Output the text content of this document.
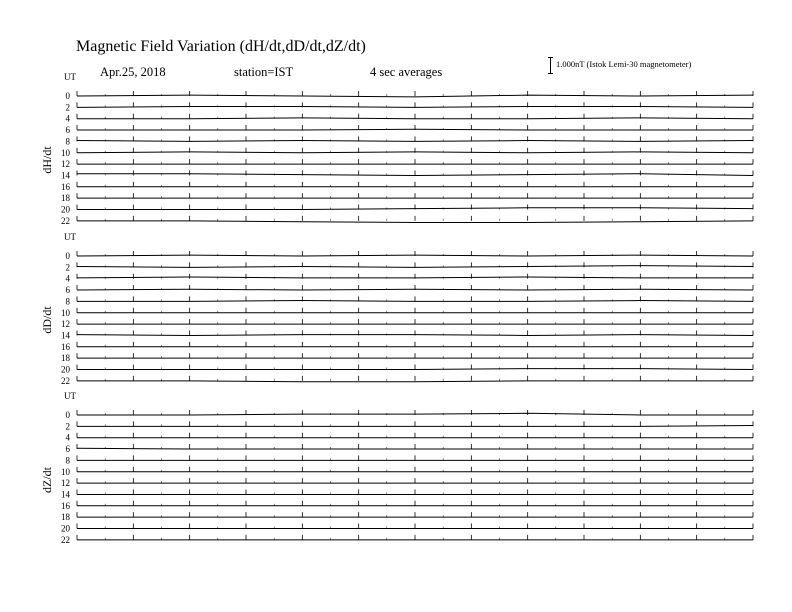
Magnetic Field Variation (dH/dt,dD/dt,dZ/dt)
Apr.25, 2018	station=IST	4 sec averages
1.000nT (Istok Lemi-30 magnetometer)
UT
dH/dt
0
2
4
6
8
10
12
14
16
18
20
22
UT
dD/dt
0
2
4
6
8
10
12
14
16
18
20
22
UT
dZ/dt
0
2
4
6
8
10
12
14
16
18
20
22
